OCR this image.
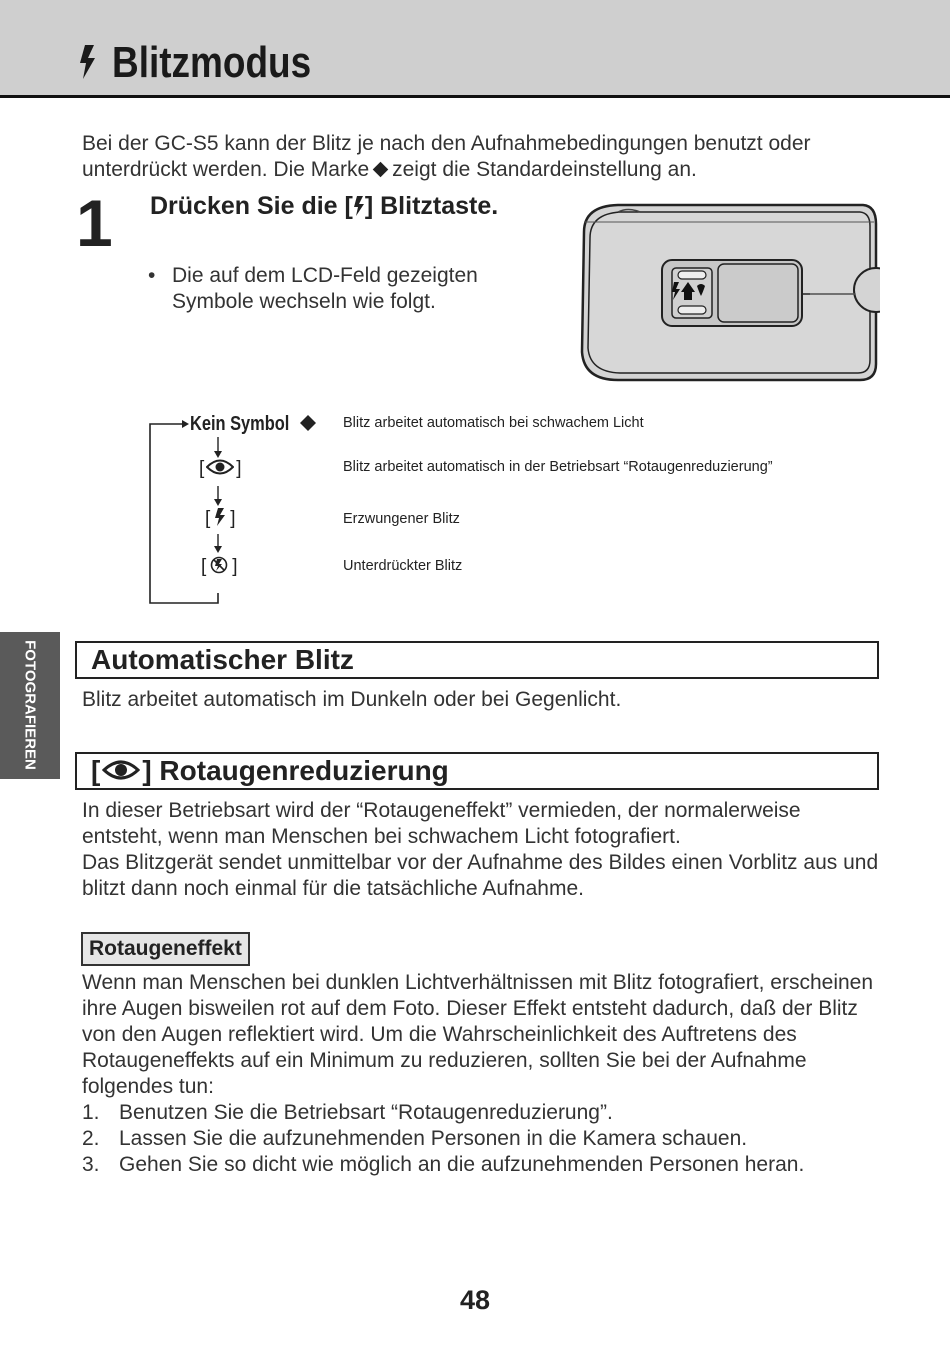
Blitzmodus
Bei der GC-S5 kann der Blitz je nach den Aufnahmebedingungen benutzt oder unterdrückt werden. Die Marke zeigt die Standardeinstellung an.
1 Drücken Sie die [ ] Blitztaste.
• Die auf dem LCD-Feld gezeigten Symbole wechseln wie folgt.
Kein Symbol
[ ]
[ ]
[ ]
Blitz arbeitet automatisch bei schwachem Licht
Blitz arbeitet automatisch in der Betriebsart “Rotaugenreduzierung”
Erzwungener Blitz
Unterdrückter Blitz
FOTOGRAFIEREN Automatischer Blitz
Blitz arbeitet automatisch im Dunkeln oder bei Gegenlicht.
[ ] Rotaugenreduzierung
In dieser Betriebsart wird der “Rotaugeneffekt” vermieden, der normalerweise entsteht, wenn man Menschen bei schwachem Licht fotografiert.
Das Blitzgerät sendet unmittelbar vor der Aufnahme des Bildes einen Vorblitz aus und blitzt dann noch einmal für die tatsächliche Aufnahme.
Rotaugeneffekt
Wenn man Menschen bei dunklen Lichtverhältnissen mit Blitz fotografiert, erscheinen ihre Augen bisweilen rot auf dem Foto. Dieser Effekt entsteht dadurch, daß der Blitz von den Augen reflektiert wird. Um die Wahrscheinlichkeit des Auftretens des Rotaugeneffekts auf ein Minimum zu reduzieren, sollten Sie bei der Aufnahme folgendes tun:
1. Benutzen Sie die Betriebsart “Rotaugenreduzierung”.
2. Lassen Sie die aufzunehmenden Personen in die Kamera schauen.
3. Gehen Sie so dicht wie möglich an die aufzunehmenden Personen heran.
48
